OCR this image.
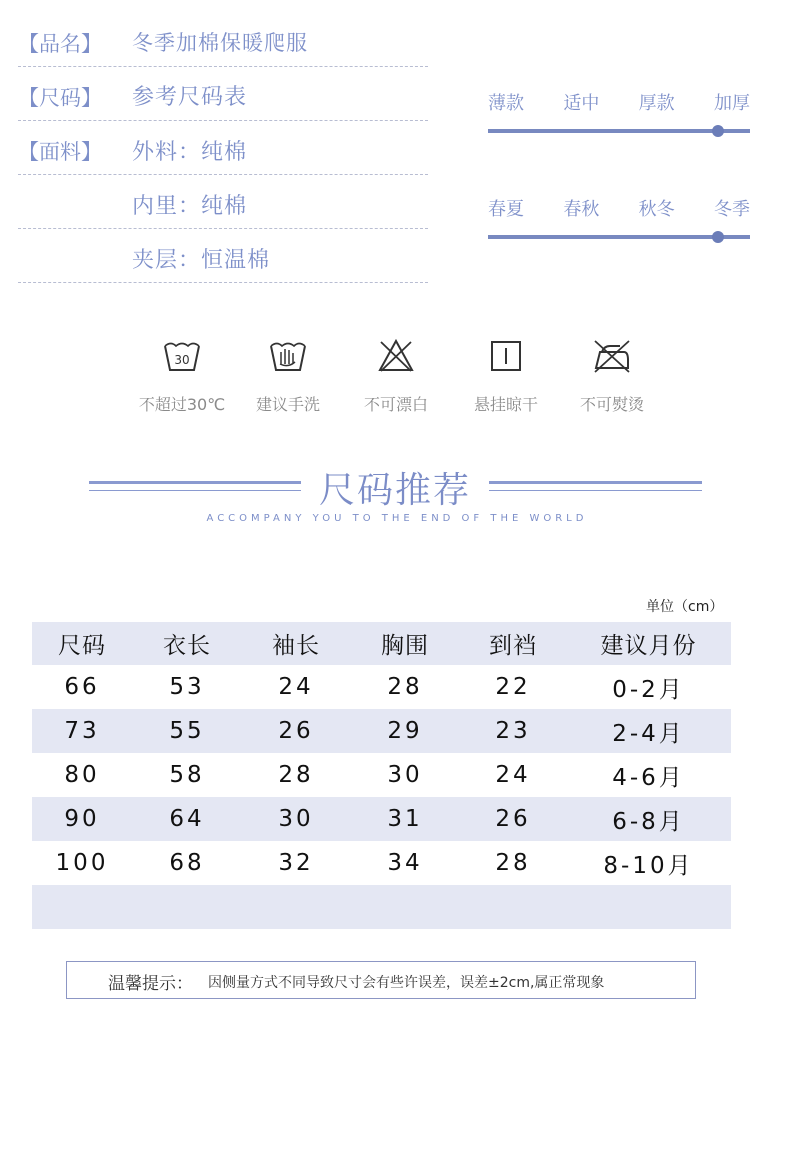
【品名】 冬季加棉保暖爬服
【尺码】 参考尺码表
【面料】 外料：纯棉
内里：纯棉
夹层：恒温棉
薄款 适中 厚款 加厚
春夏 春秋 秋冬 冬季
30
不超过30℃	建议手洗	不可漂白	悬挂晾干	不可熨烫
尺码推荐
ACCOMPANY YOU TO THE END OF THE WORLD
单位（cm）
尺码	衣长	袖长	胸围	到裆	建议月份
66	53	24	28	22	0-2月
73	55	26	29	23	2-4月
80	58	28	30	24	4-6月
90	64	30	31	26	6-8月
100	68	32	34	28	8-10月

温馨提示： 因侧量方式不同导致尺寸会有些许误差，误差±2cm,属正常现象
